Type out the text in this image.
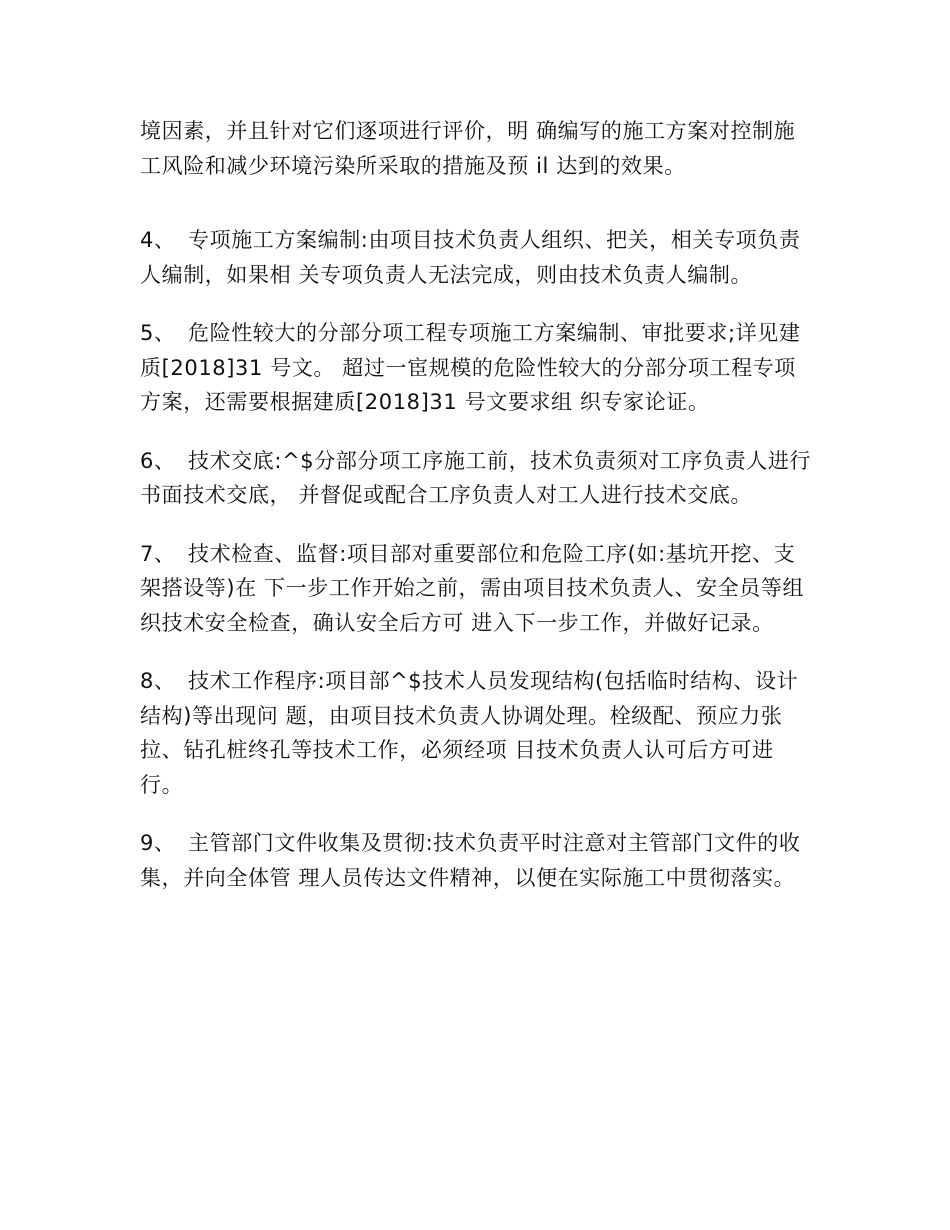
境因素，并且针对它们逐项进行评价，明 确编写的施工方案对控制施工风险和减少环境污染所采取的措施及预 il 达到的效果。

4、 专项施工方案编制:由项目技术负责人组织、把关，相关专项负责人编制，如果相 关专项负责人无法完成，则由技术负责人编制。

5、 危险性较大的分部分项工程专项施工方案编制、审批要求;详见建质[2018]31 号文。 超过一宦规模的危险性较大的分部分项工程专项方案，还需要根据建质[2018]31 号文要求组 织专家论证。

6、 技术交底:^$分部分项工序施工前，技术负责须对工序负责人进行书面技术交底， 并督促或配合工序负责人对工人进行技术交底。

7、 技术检查、监督:项目部对重要部位和危险工序(如:基坑开挖、支架搭设等)在 下一步工作开始之前，需由项目技术负责人、安全员等组织技术安全检查，确认安全后方可 进入下一步工作，并做好记录。

8、 技术工作程序:项目部^$技术人员发现结构(包括临时结构、设计结构)等出现问 题，由项目技术负责人协调处理。栓级配、预应力张拉、钻孔桩终孔等技术工作，必须经项 目技术负责人认可后方可进行。

9、 主管部门文件收集及贯彻:技术负责平时注意对主管部门文件的收集，并向全体管 理人员传达文件精神，以便在实际施工中贯彻落实。
